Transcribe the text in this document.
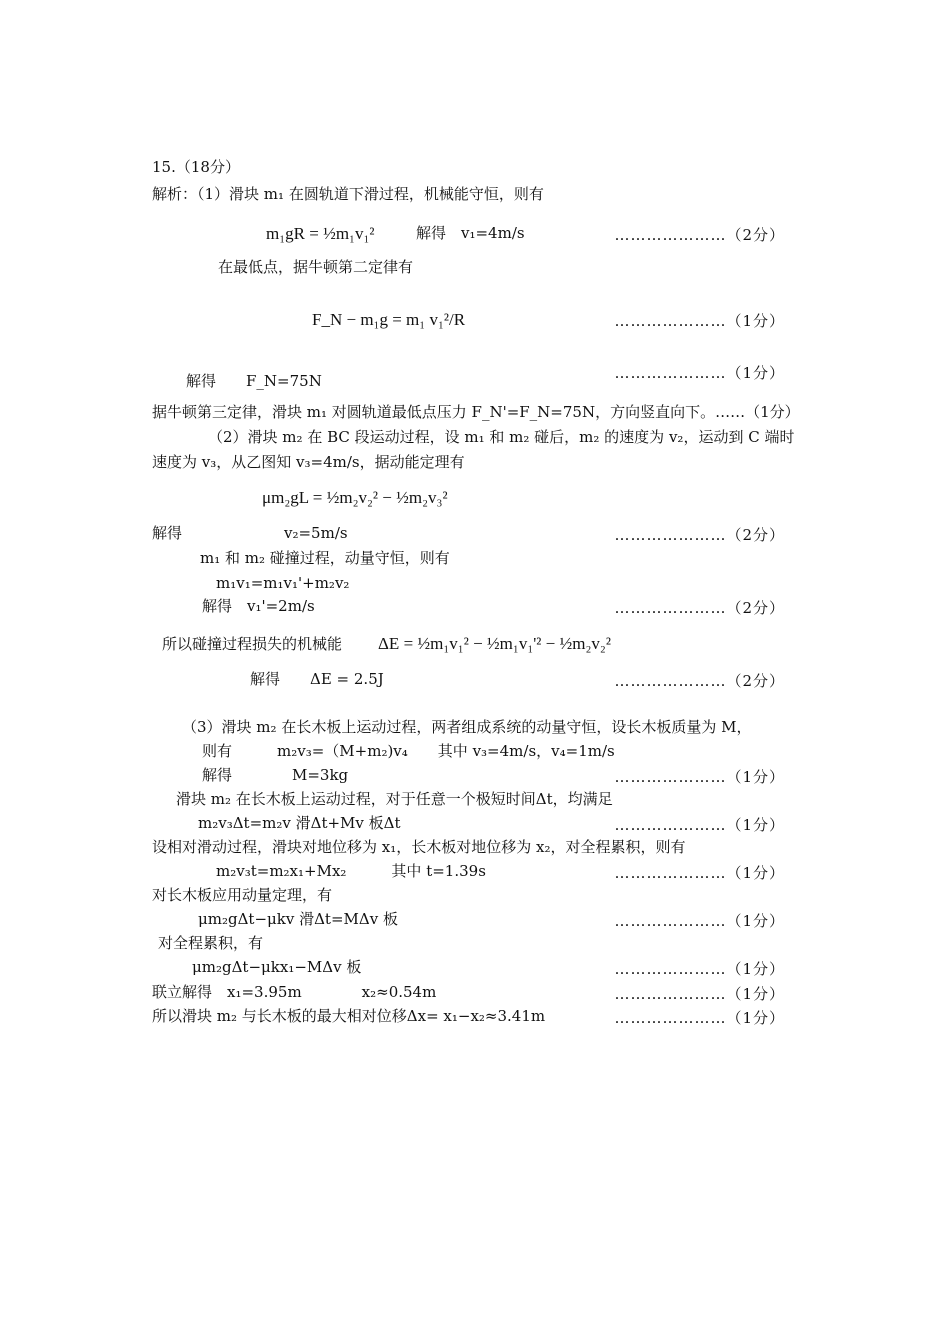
15.（18分）
解析：（1）滑块 m₁ 在圆轨道下滑过程，机械能守恒，则有
m₁gR = ½m₁v₁²	解得　v₁=4m/s	…………………（2分）
在最低点，据牛顿第二定律有
F_N − m₁g = m₁ v₁²/R	…………………（1分）
解得　　F_N=75N	…………………（1分）
据牛顿第三定律，滑块 m₁ 对圆轨道最低点压力 F_N'=F_N=75N，方向竖直向下。……（1分）
（2）滑块 m₂ 在 BC 段运动过程，设 m₁ 和 m₂ 碰后，m₂ 的速度为 v₂，运动到 C 端时
速度为 v₃，从乙图知 v₃=4m/s，据动能定理有
μm₂gL = ½m₂v₂² − ½m₂v₃²
解得	v₂=5m/s	…………………（2分）
m₁ 和 m₂ 碰撞过程，动量守恒，则有
m₁v₁=m₁v₁'+m₂v₂
解得　v₁'=2m/s	…………………（2分）
所以碰撞过程损失的机械能 ΔE = ½m₁v₁² − ½m₁v₁'² − ½m₂v₂²
解得　　ΔE = 2.5J	…………………（2分）
（3）滑块 m₂ 在长木板上运动过程，两者组成系统的动量守恒，设长木板质量为 M，
则有　　　m₂v₃=（M+m₂)v₄　　其中 v₃=4m/s，v₄=1m/s
解得　　　　M=3kg	…………………（1分）
滑块 m₂ 在长木板上运动过程，对于任意一个极短时间Δt，均满足
m₂v₃Δt=m₂v 滑Δt+Mv 板Δt	…………………（1分）
设相对滑动过程，滑块对地位移为 x₁，长木板对地位移为 x₂，对全程累积，则有
m₂v₃t=m₂x₁+Mx₂　　　其中 t=1.39s	…………………（1分）
对长木板应用动量定理，有
μm₂gΔt−μkv 滑Δt=MΔv 板	…………………（1分）
对全程累积，有
μm₂gΔt−μkx₁−MΔv 板	…………………（1分）
联立解得　x₁=3.95m　　　　x₂≈0.54m	…………………（1分）
所以滑块 m₂ 与长木板的最大相对位移Δx= x₁−x₂≈3.41m	…………………（1分）
